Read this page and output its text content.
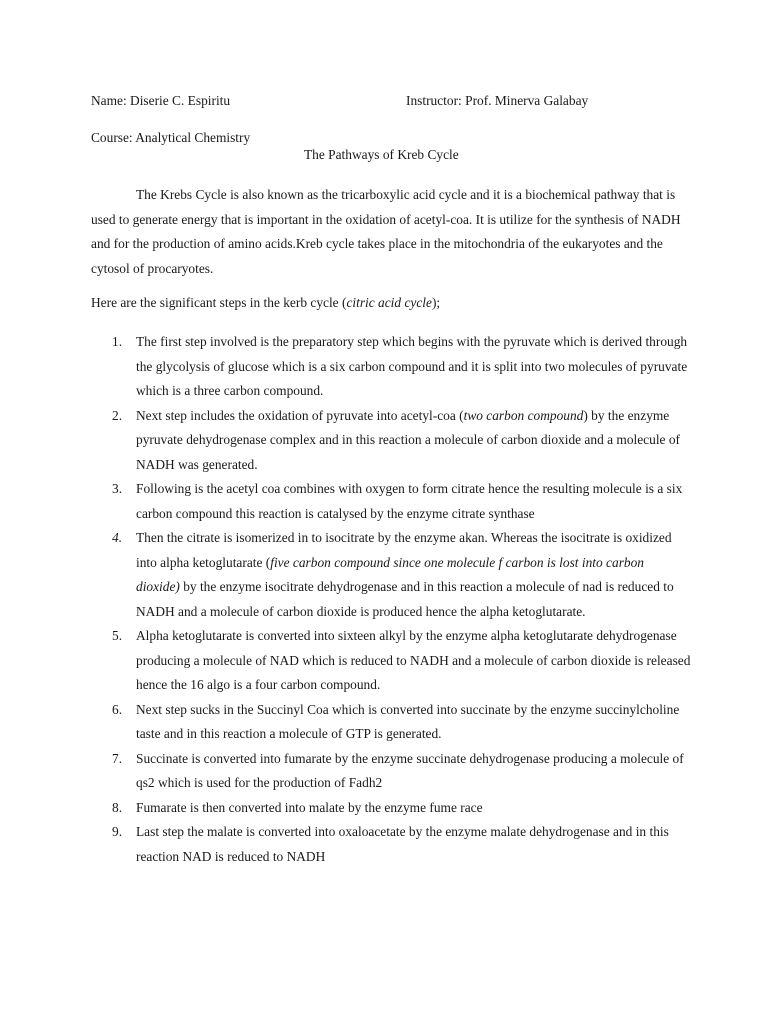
Name: Diserie C. Espiritu	Instructor: Prof. Minerva Galabay
Course: Analytical Chemistry
The Pathways of Kreb Cycle

The Krebs Cycle is also known as the tricarboxylic acid cycle and it is a biochemical pathway that is used to generate energy that is important in the oxidation of acetyl-coa. It is utilize for the synthesis of NADH and for the production of amino acids.Kreb cycle takes place in the mitochondria of the eukaryotes and the cytosol of procaryotes.

Here are the significant steps in the kerb cycle (citric acid cycle);
1. The first step involved is the preparatory step which begins with the pyruvate which is derived through the glycolysis of glucose which is a six carbon compound and it is split into two molecules of pyruvate which is a three carbon compound.
2. Next step includes the oxidation of pyruvate into acetyl-coa (two carbon compound) by the enzyme pyruvate dehydrogenase complex and in this reaction a molecule of carbon dioxide and a molecule of NADH was generated.
3. Following is the acetyl coa combines with oxygen to form citrate hence the resulting molecule is a six carbon compound this reaction is catalysed by the enzyme citrate synthase
4. Then the citrate is isomerized in to isocitrate by the enzyme akan. Whereas the isocitrate is oxidized into alpha ketoglutarate (five carbon compound since one molecule f carbon is lost into carbon dioxide) by the enzyme isocitrate dehydrogenase and in this reaction a molecule of nad is reduced to NADH and a molecule of carbon dioxide is produced hence the alpha ketoglutarate.
5. Alpha ketoglutarate is converted into sixteen alkyl by the enzyme alpha ketoglutarate dehydrogenase producing a molecule of NAD which is reduced to NADH and a molecule of carbon dioxide is released hence the 16 algo is a four carbon compound.
6. Next step sucks in the Succinyl Coa which is converted into succinate by the enzyme succinylcholine taste and in this reaction a molecule of GTP is generated.
7. Succinate is converted into fumarate by the enzyme succinate dehydrogenase producing a molecule of qs2 which is used for the production of Fadh2
8. Fumarate is then converted into malate by the enzyme fume race
9. Last step the malate is converted into oxaloacetate by the enzyme malate dehydrogenase and in this reaction NAD is reduced to NADH
